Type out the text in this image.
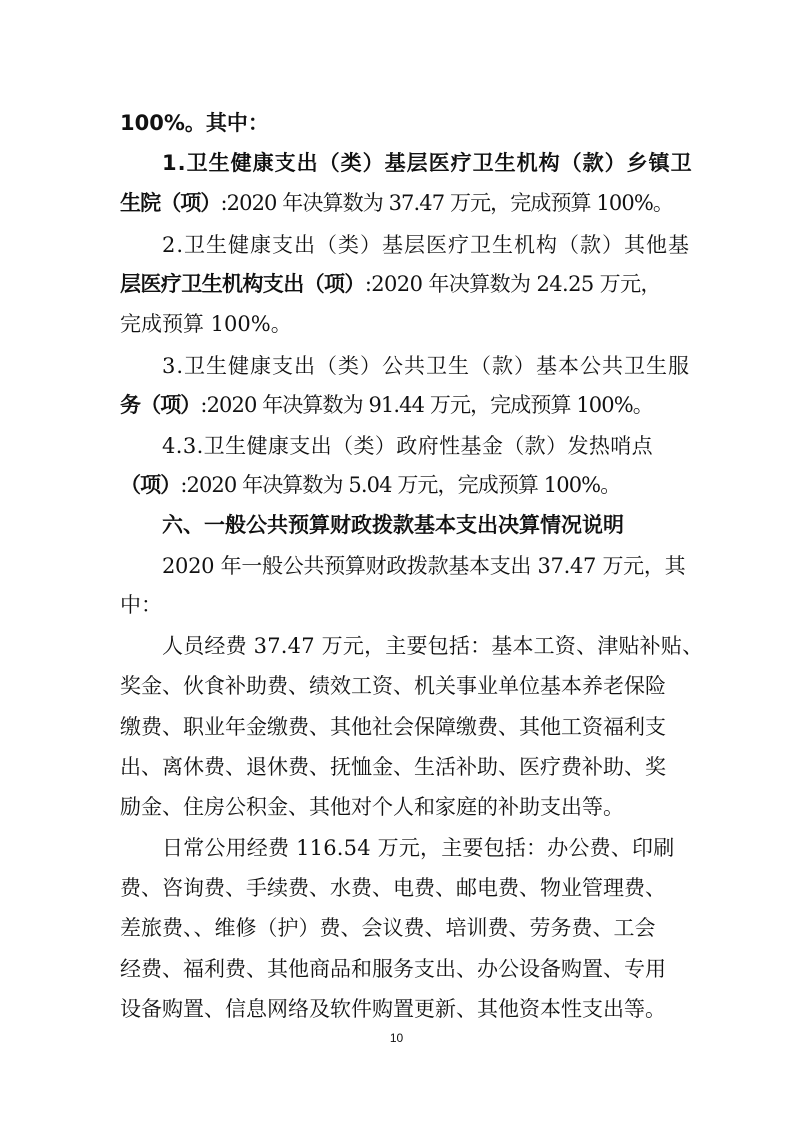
100%。其中：
1.卫生健康支出（类）基层医疗卫生机构（款）乡镇卫
生院（项）:2020 年决算数为 37.47 万元，完成预算 100%。
2.卫生健康支出（类）基层医疗卫生机构（款）其他基
层医疗卫生机构支出（项）:2020 年决算数为 24.25 万元，
完成预算 100%。
3.卫生健康支出（类）公共卫生（款）基本公共卫生服
务（项）:2020 年决算数为 91.44 万元，完成预算 100%。
4.3.卫生健康支出（类）政府性基金（款）发热哨点
（项）:2020 年决算数为 5.04 万元，完成预算 100%。
六、一般公共预算财政拨款基本支出决算情况说明
2020 年一般公共预算财政拨款基本支出 37.47 万元，其
中：
人员经费 37.47 万元，主要包括：基本工资、津贴补贴、
奖金、伙食补助费、绩效工资、机关事业单位基本养老保险
缴费、职业年金缴费、其他社会保障缴费、其他工资福利支
出、离休费、退休费、抚恤金、生活补助、医疗费补助、奖
励金、住房公积金、其他对个人和家庭的补助支出等。
日常公用经费 116.54 万元，主要包括：办公费、印刷
费、咨询费、手续费、水费、电费、邮电费、物业管理费、
差旅费、、维修（护）费、会议费、培训费、劳务费、工会
经费、福利费、其他商品和服务支出、办公设备购置、专用
设备购置、信息网络及软件购置更新、其他资本性支出等。
10
